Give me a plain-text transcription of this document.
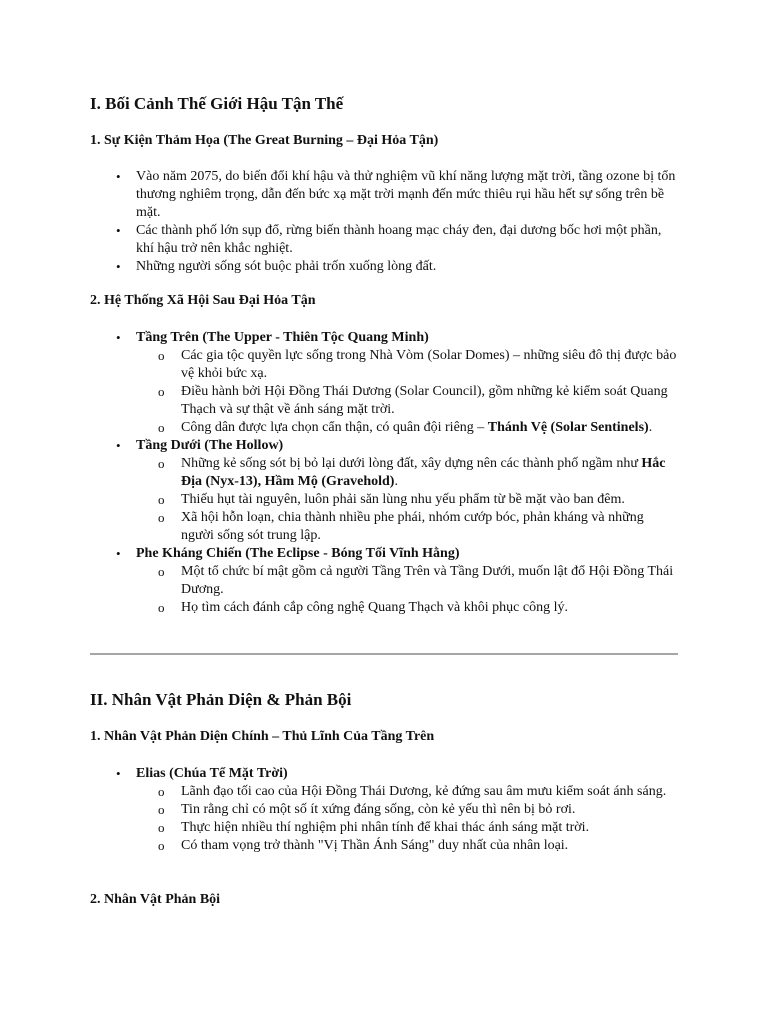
I. Bối Cảnh Thế Giới Hậu Tận Thế
1. Sự Kiện Thảm Họa (The Great Burning – Đại Hỏa Tận)
• Vào năm 2075, do biến đổi khí hậu và thử nghiệm vũ khí năng lượng mặt trời, tầng ozone bị tổn thương nghiêm trọng, dẫn đến bức xạ mặt trời mạnh đến mức thiêu rụi hầu hết sự sống trên bề mặt.
• Các thành phố lớn sụp đổ, rừng biến thành hoang mạc cháy đen, đại dương bốc hơi một phần, khí hậu trở nên khắc nghiệt.
• Những người sống sót buộc phải trốn xuống lòng đất.
2. Hệ Thống Xã Hội Sau Đại Hỏa Tận
• Tầng Trên (The Upper - Thiên Tộc Quang Minh)
o Các gia tộc quyền lực sống trong Nhà Vòm (Solar Domes) – những siêu đô thị được bảo vệ khỏi bức xạ.
o Điều hành bởi Hội Đồng Thái Dương (Solar Council), gồm những kẻ kiểm soát Quang Thạch và sự thật về ánh sáng mặt trời.
o Công dân được lựa chọn cẩn thận, có quân đội riêng – Thánh Vệ (Solar Sentinels).
• Tầng Dưới (The Hollow)
o Những kẻ sống sót bị bỏ lại dưới lòng đất, xây dựng nên các thành phố ngầm như Hắc Địa (Nyx-13), Hầm Mộ (Gravehold).
o Thiếu hụt tài nguyên, luôn phải săn lùng nhu yếu phẩm từ bề mặt vào ban đêm.
o Xã hội hỗn loạn, chia thành nhiều phe phái, nhóm cướp bóc, phản kháng và những người sống sót trung lập.
• Phe Kháng Chiến (The Eclipse - Bóng Tối Vĩnh Hằng)
o Một tổ chức bí mật gồm cả người Tầng Trên và Tầng Dưới, muốn lật đổ Hội Đồng Thái Dương.
o Họ tìm cách đánh cắp công nghệ Quang Thạch và khôi phục công lý.
II. Nhân Vật Phản Diện & Phản Bội
1. Nhân Vật Phản Diện Chính – Thủ Lĩnh Của Tầng Trên
• Elias (Chúa Tể Mặt Trời)
o Lãnh đạo tối cao của Hội Đồng Thái Dương, kẻ đứng sau âm mưu kiểm soát ánh sáng.
o Tin rằng chỉ có một số ít xứng đáng sống, còn kẻ yếu thì nên bị bỏ rơi.
o Thực hiện nhiều thí nghiệm phi nhân tính để khai thác ánh sáng mặt trời.
o Có tham vọng trở thành "Vị Thần Ánh Sáng" duy nhất của nhân loại.
2. Nhân Vật Phản Bội
